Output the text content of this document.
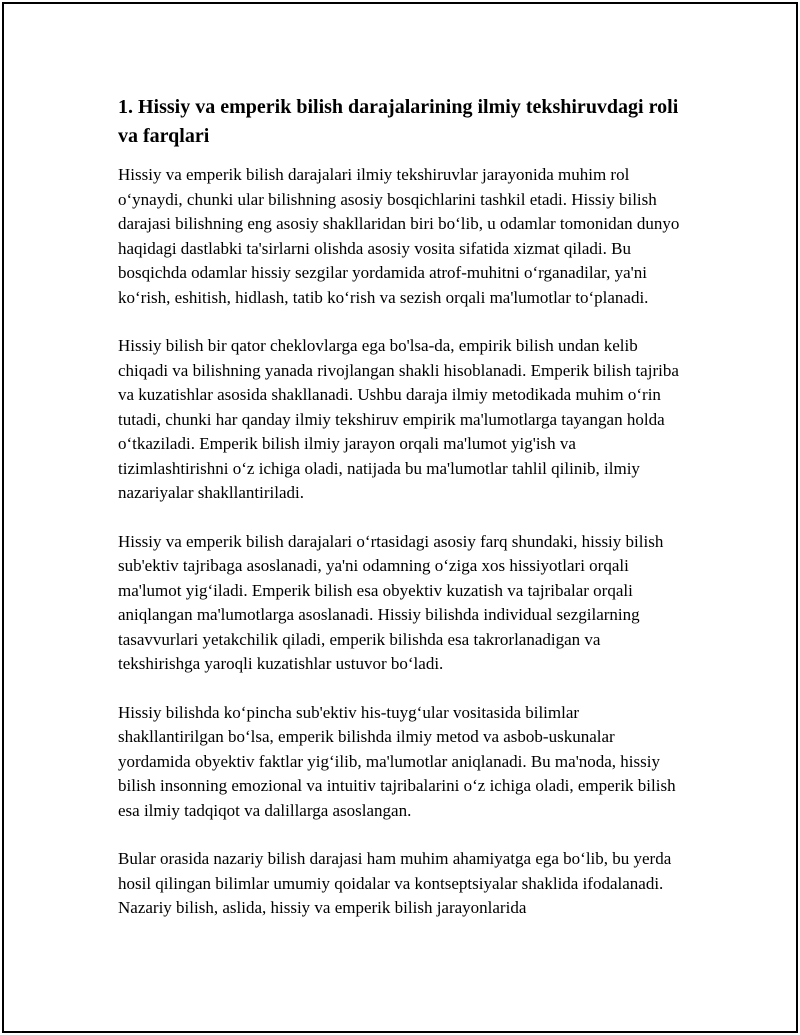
1. Hissiy va emperik bilish darajalarining ilmiy tekshiruvdagi roli va farqlari

Hissiy va emperik bilish darajalari ilmiy tekshiruvlar jarayonida muhim rol o‘ynaydi, chunki ular bilishning asosiy bosqichlarini tashkil etadi. Hissiy bilish darajasi bilishning eng asosiy shakllaridan biri bo‘lib, u odamlar tomonidan dunyo haqidagi dastlabki ta'sirlarni olishda asosiy vosita sifatida xizmat qiladi. Bu bosqichda odamlar hissiy sezgilar yordamida atrof-muhitni o‘rganadilar, ya'ni ko‘rish, eshitish, hidlash, tatib ko‘rish va sezish orqali ma'lumotlar to‘planadi.

Hissiy bilish bir qator cheklovlarga ega bo'lsa-da, empirik bilish undan kelib chiqadi va bilishning yanada rivojlangan shakli hisoblanadi. Emperik bilish tajriba va kuzatishlar asosida shakllanadi. Ushbu daraja ilmiy metodikada muhim o‘rin tutadi, chunki har qanday ilmiy tekshiruv empirik ma'lumotlarga tayangan holda o‘tkaziladi. Emperik bilish ilmiy jarayon orqali ma'lumot yig'ish va tizimlashtirishni o‘z ichiga oladi, natijada bu ma'lumotlar tahlil qilinib, ilmiy nazariyalar shakllantiriladi.

Hissiy va emperik bilish darajalari o‘rtasidagi asosiy farq shundaki, hissiy bilish sub'ektiv tajribaga asoslanadi, ya'ni odamning o‘ziga xos hissiyotlari orqali ma'lumot yig‘iladi. Emperik bilish esa obyektiv kuzatish va tajribalar orqali aniqlangan ma'lumotlarga asoslanadi. Hissiy bilishda individual sezgilarning tasavvurlari yetakchilik qiladi, emperik bilishda esa takrorlanadigan va tekshirishga yaroqli kuzatishlar ustuvor bo‘ladi.

Hissiy bilishda ko‘pincha sub'ektiv his-tuyg‘ular vositasida bilimlar shakllantirilgan bo‘lsa, emperik bilishda ilmiy metod va asbob-uskunalar yordamida obyektiv faktlar yig‘ilib, ma'lumotlar aniqlanadi. Bu ma'noda, hissiy bilish insonning emozional va intuitiv tajribalarini o‘z ichiga oladi, emperik bilish esa ilmiy tadqiqot va dalillarga asoslangan.

Bular orasida nazariy bilish darajasi ham muhim ahamiyatga ega bo‘lib, bu yerda hosil qilingan bilimlar umumiy qoidalar va kontseptsiyalar shaklida ifodalanadi. Nazariy bilish, aslida, hissiy va emperik bilish jarayonlarida
